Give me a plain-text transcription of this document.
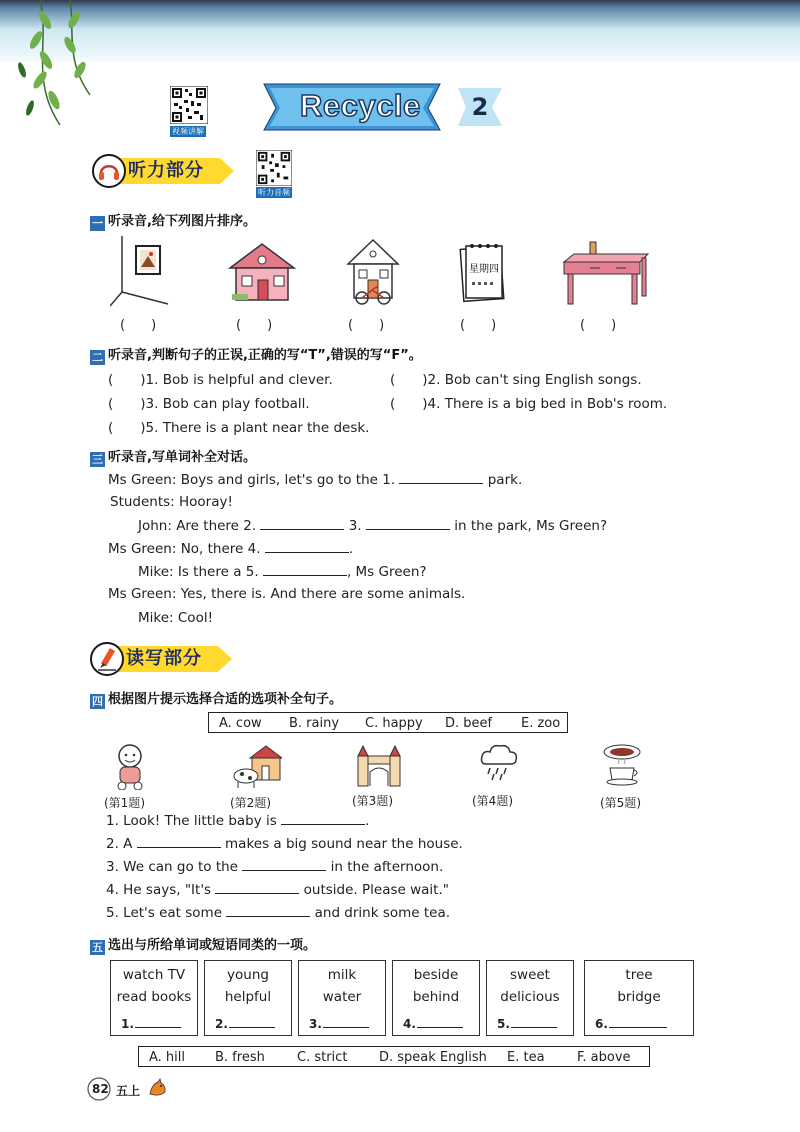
视频讲解
Recycle	2
听力部分
听力音频
一 听录音,给下列图片排序。
星期四
(　　)	(　　)	(　　)	(　　)	(　　)
二 听录音,判断句子的正误,正确的写“T”,错误的写“F”。
(　　)1. Bob is helpful and clever.	(　　)2. Bob can't sing English songs.
(　　)3. Bob can play football.	(　　)4. There is a big bed in Bob's room.
(　　)5. There is a plant near the desk.
三 听录音,写单词补全对话。
Ms Green: Boys and girls, let's go to the 1.	park.
Students: Hooray!
John: Are there 2.	3.	in the park, Ms Green?
Ms Green: No, there 4.	.
Mike: Is there a 5.	, Ms Green?
Ms Green: Yes, there is. And there are some animals.
Mike: Cool!
读写部分
四 根据图片提示选择合适的选项补全句子。
A. cow B. rainy C. happy D. beef E. zoo
(第1题)	(第2题)	(第3题)	(第4题)	(第5题)
1. Look! The little baby is	.
2. A	makes a big sound near the house.
3. We can go to the	in the afternoon.
4. He says, "It's	outside. Please wait."
5. Let's eat some	and drink some tea.
五 选出与所给单词或短语同类的一项。
watch TV
read books
1.
young
helpful
2.
milk
water
3.
beside
behind
4.
sweet
delicious
5.
tree
bridge
6.
A. hill B. fresh C. strict D. speak English E. tea F. above
82 五上
